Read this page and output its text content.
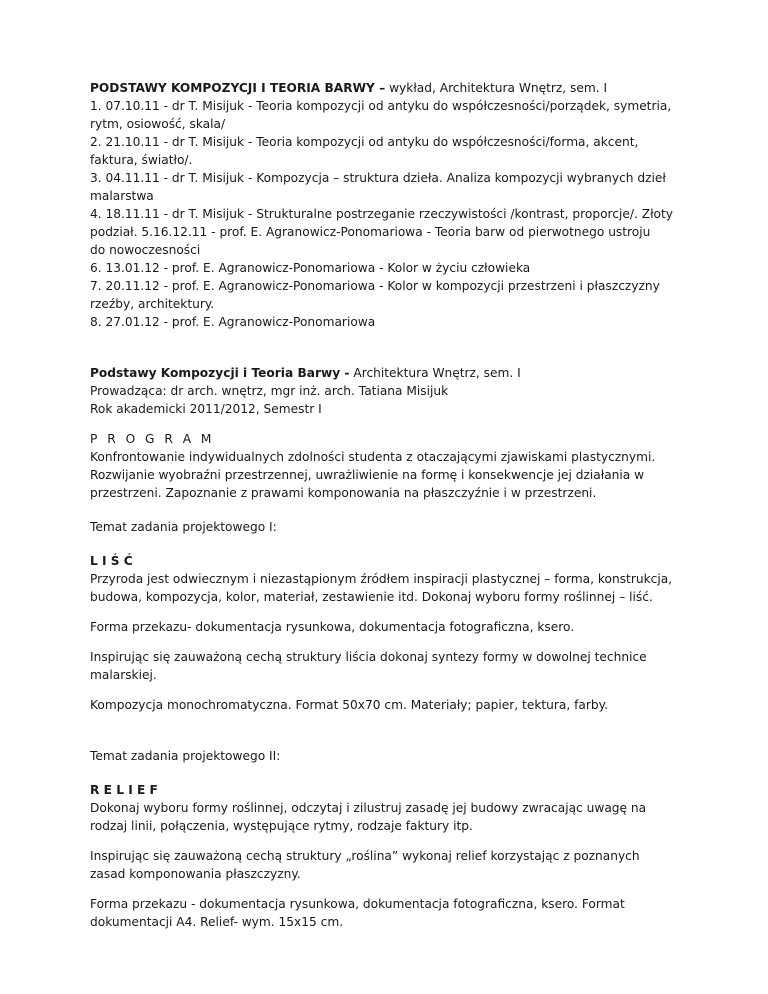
PODSTAWY KOMPOZYCJI I TEORIA BARWY – wykład, Architektura Wnętrz, sem. I
1. 07.10.11 - dr T. Misijuk - Teoria kompozycji od antyku do współczesności/porządek, symetria,
rytm, osiowość, skala/
2. 21.10.11 - dr T. Misijuk - Teoria kompozycji od antyku do współczesności/forma, akcent,
faktura, światło/.
3. 04.11.11 - dr T. Misijuk - Kompozycja – struktura dzieła. Analiza kompozycji wybranych dzieł
malarstwa
4. 18.11.11 - dr T. Misijuk - Strukturalne postrzeganie rzeczywistości /kontrast, proporcje/. Złoty
podział. 5.16.12.11 - prof. E. Agranowicz-Ponomariowa - Teoria barw od pierwotnego ustroju
do nowoczesności
6. 13.01.12 - prof. E. Agranowicz-Ponomariowa - Kolor w życiu człowieka
7. 20.11.12 - prof. E. Agranowicz-Ponomariowa - Kolor w kompozycji przestrzeni i płaszczyzny
rzeźby, architektury.
8. 27.01.12 - prof. E. Agranowicz-Ponomariowa
Podstawy Kompozycji i Teoria Barwy - Architektura Wnętrz, sem. I
Prowadząca: dr arch. wnętrz, mgr inż. arch. Tatiana Misijuk
Rok akademicki 2011/2012, Semestr I
P R O G R A M
Konfrontowanie indywidualnych zdolności studenta z otaczającymi zjawiskami plastycznymi.
Rozwijanie wyobraźni przestrzennej, uwrażliwienie na formę i konsekwencje jej działania w
przestrzeni. Zapoznanie z prawami komponowania na płaszczyźnie i w przestrzeni.
Temat zadania projektowego I:
L I Ś Ć
Przyroda jest odwiecznym i niezastąpionym źródłem inspiracji plastycznej – forma, konstrukcja,
budowa, kompozycja, kolor, materiał, zestawienie itd. Dokonaj wyboru formy roślinnej – liść.
Forma przekazu- dokumentacja rysunkowa, dokumentacja fotograficzna, ksero.
Inspirując się zauważoną cechą struktury liścia dokonaj syntezy formy w dowolnej technice
malarskiej.
Kompozycja monochromatyczna. Format 50x70 cm. Materiały; papier, tektura, farby.
Temat zadania projektowego II:
R E L I E F
Dokonaj wyboru formy roślinnej, odczytaj i zilustruj zasadę jej budowy zwracając uwagę na
rodzaj linii, połączenia, występujące rytmy, rodzaje faktury itp.
Inspirując się zauważoną cechą struktury „roślina” wykonaj relief korzystając z poznanych
zasad komponowania płaszczyzny.
Forma przekazu - dokumentacja rysunkowa, dokumentacja fotograficzna, ksero. Format
dokumentacji A4. Relief- wym. 15x15 cm.
